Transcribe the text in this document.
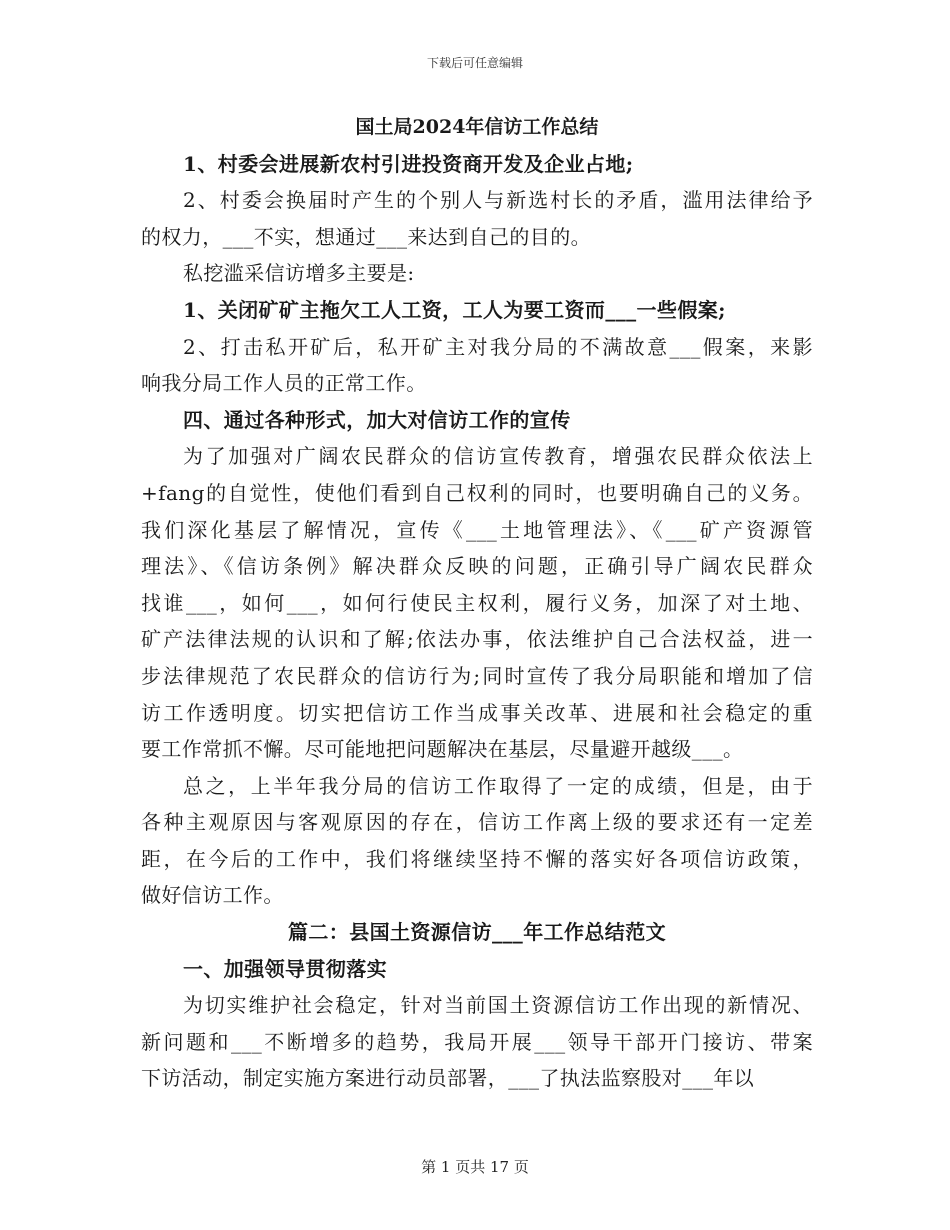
下载后可任意编辑
国土局2024年信访工作总结
1、村委会进展新农村引进投资商开发及企业占地;
2、村委会换届时产生的个别人与新选村长的矛盾，滥用法律给予
的权力，___不实，想通过___来达到自己的目的。
私挖滥采信访增多主要是:
1、关闭矿矿主拖欠工人工资，工人为要工资而___一些假案;
2、打击私开矿后，私开矿主对我分局的不满故意___假案，来影
响我分局工作人员的正常工作。
四、通过各种形式，加大对信访工作的宣传
为了加强对广阔农民群众的信访宣传教育，增强农民群众依法上
+fang的自觉性，使他们看到自己权利的同时，也要明确自己的义务。
我们深化基层了解情况，宣传《___土地管理法》、《___矿产资源管
理法》、《信访条例》解决群众反映的问题，正确引导广阔农民群众
找谁___，如何___，如何行使民主权利，履行义务，加深了对土地、
矿产法律法规的认识和了解;依法办事，依法维护自己合法权益，进一
步法律规范了农民群众的信访行为;同时宣传了我分局职能和增加了信
访工作透明度。切实把信访工作当成事关改革、进展和社会稳定的重
要工作常抓不懈。尽可能地把问题解决在基层，尽量避开越级___。
总之，上半年我分局的信访工作取得了一定的成绩，但是，由于
各种主观原因与客观原因的存在，信访工作离上级的要求还有一定差
距，在今后的工作中，我们将继续坚持不懈的落实好各项信访政策，
做好信访工作。
篇二：县国土资源信访___年工作总结范文
一、加强领导贯彻落实
为切实维护社会稳定，针对当前国土资源信访工作出现的新情况、
新问题和___不断增多的趋势，我局开展___领导干部开门接访、带案
下访活动，制定实施方案进行动员部署，___了执法监察股对___年以
第 1 页共 17 页
